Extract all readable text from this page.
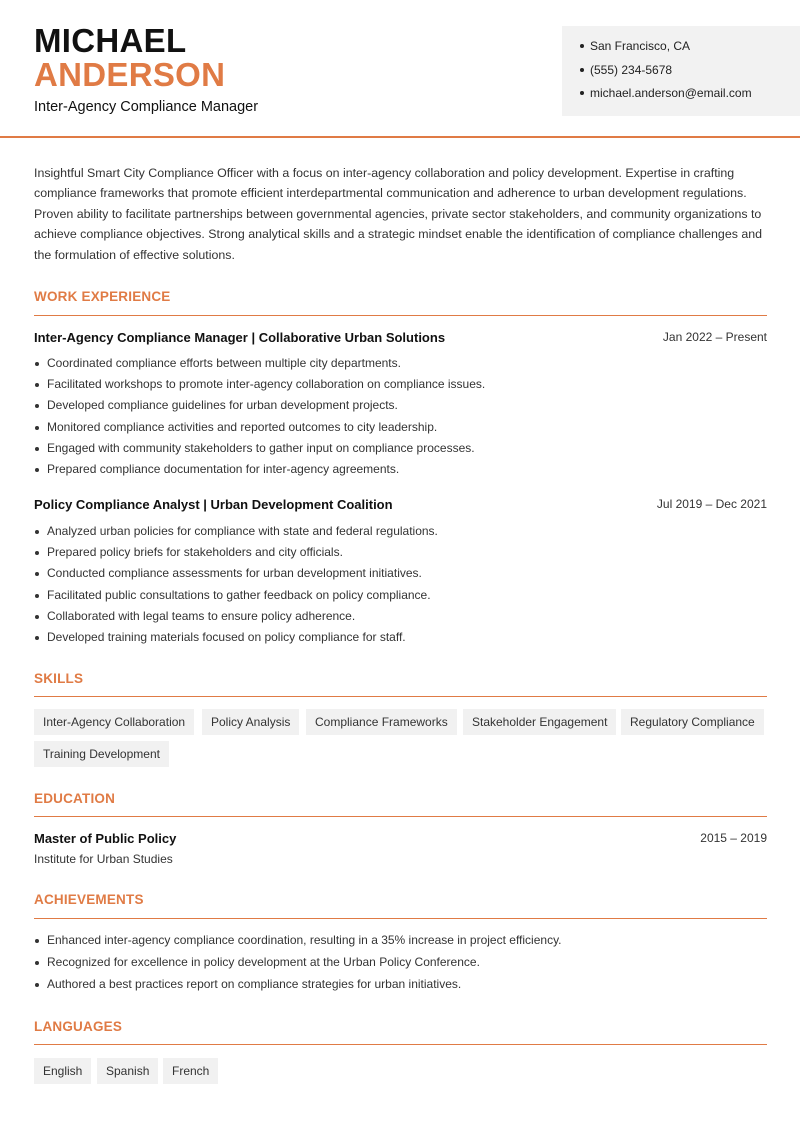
MICHAEL
ANDERSON
Inter-Agency Compliance Manager
San Francisco, CA
(555) 234-5678
michael.anderson@email.com

Insightful Smart City Compliance Officer with a focus on inter-agency collaboration and policy development. Expertise in crafting compliance frameworks that promote efficient interdepartmental communication and adherence to urban development regulations. Proven ability to facilitate partnerships between governmental agencies, private sector stakeholders, and community organizations to achieve compliance objectives. Strong analytical skills and a strategic mindset enable the identification of compliance challenges and the formulation of effective solutions.

WORK EXPERIENCE
Inter-Agency Compliance Manager | Collaborative Urban Solutions	Jan 2022 – Present
Coordinated compliance efforts between multiple city departments.
Facilitated workshops to promote inter-agency collaboration on compliance issues.
Developed compliance guidelines for urban development projects.
Monitored compliance activities and reported outcomes to city leadership.
Engaged with community stakeholders to gather input on compliance processes.
Prepared compliance documentation for inter-agency agreements.
Policy Compliance Analyst | Urban Development Coalition	Jul 2019 – Dec 2021
Analyzed urban policies for compliance with state and federal regulations.
Prepared policy briefs for stakeholders and city officials.
Conducted compliance assessments for urban development initiatives.
Facilitated public consultations to gather feedback on policy compliance.
Collaborated with legal teams to ensure policy adherence.
Developed training materials focused on policy compliance for staff.
SKILLS
Inter-Agency Collaboration	Policy Analysis	Compliance Frameworks	Stakeholder Engagement	Regulatory Compliance
Training Development
EDUCATION
Master of Public Policy	2015 – 2019
Institute for Urban Studies
ACHIEVEMENTS
Enhanced inter-agency compliance coordination, resulting in a 35% increase in project efficiency.
Recognized for excellence in policy development at the Urban Policy Conference.
Authored a best practices report on compliance strategies for urban initiatives.
LANGUAGES
English	Spanish	French
